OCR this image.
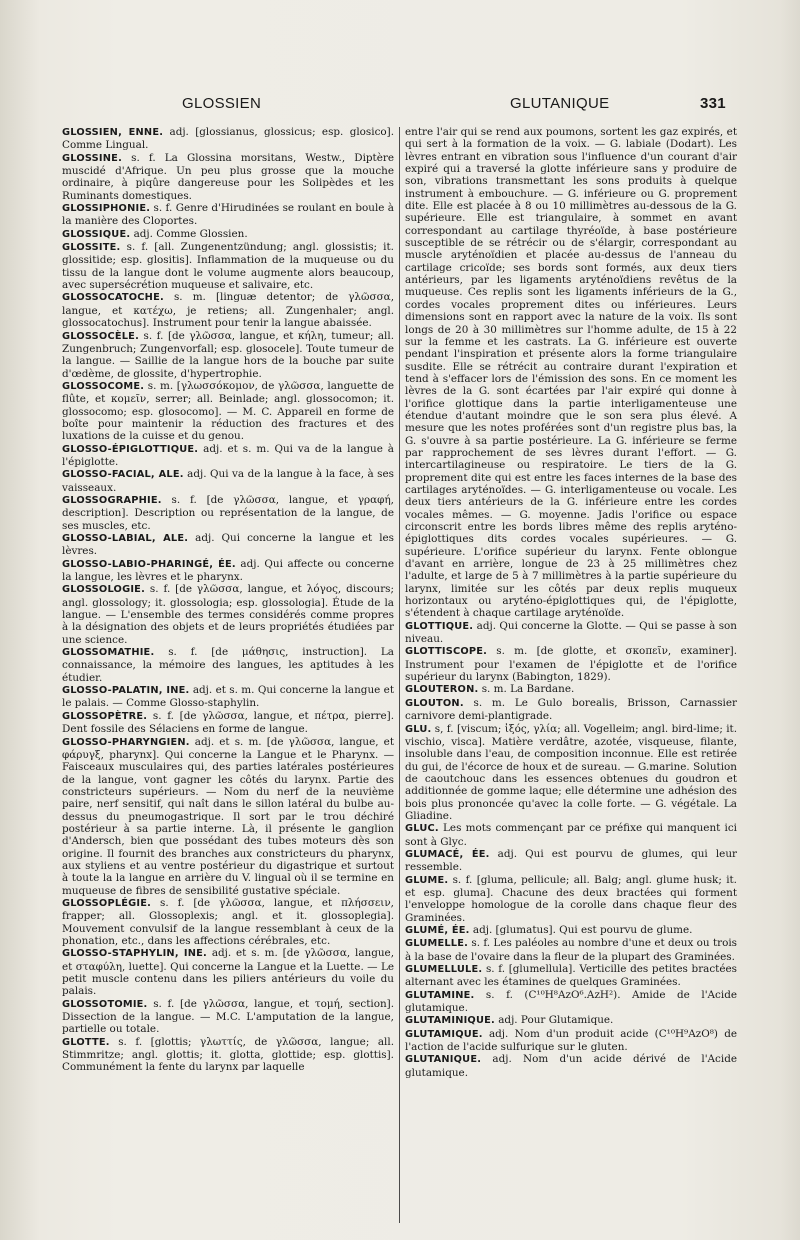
GLOSSIEN	GLUTANIQUE	331

GLOSSIEN, ENNE. adj. [glossianus, glossicus; esp. glosico]. Comme Lingual.

GLOSSINE. s. f. La Glossina morsitans, Westw., Diptère muscidé d'Afrique. Un peu plus grosse que la mouche ordinaire, à piqûre dangereuse pour les Solipèdes et les Ruminants domestiques.

GLOSSIPHONIE. s. f. Genre d'Hirudinées se roulant en boule à la manière des Cloportes.

GLOSSIQUE. adj. Comme Glossien.

GLOSSITE. s. f. [all. Zungenentzündung; angl. glossistis; it. glossitide; esp. glositis]. Inflammation de la muqueuse ou du tissu de la langue dont le volume augmente alors beaucoup, avec supersécrétion muqueuse et salivaire, etc.

GLOSSOCATOCHE. s. m. [linguæ detentor; de γλῶσσα, langue, et κατέχω, je retiens; all. Zungenhaler; angl. glossocatochus]. Instrument pour tenir la langue abaissée.

GLOSSOCÈLE. s. f. [de γλῶσσα, langue, et κήλη, tumeur; all. Zungenbruch; Zungenvorfall; esp. glosocele]. Toute tumeur de la langue. — Saillie de la langue hors de la bouche par suite d'œdème, de glossite, d'hypertrophie.

GLOSSOCOME. s. m. [γλωσσόκομον, de γλῶσσα, languette de flûte, et κομεῖν, serrer; all. Beinlade; angl. glossocomon; it. glossocomo; esp. glosocomo]. — M. C. Appareil en forme de boîte pour maintenir la réduction des fractures et des luxations de la cuisse et du genou.

GLOSSO-ÉPIGLOTTIQUE. adj. et s. m. Qui va de la langue à l'épiglotte.

GLOSSO-FACIAL, ALE. adj. Qui va de la langue à la face, à ses vaisseaux.

GLOSSOGRAPHIE. s. f. [de γλῶσσα, langue, et γραφή, description]. Description ou représentation de la langue, de ses muscles, etc.

GLOSSO-LABIAL, ALE. adj. Qui concerne la langue et les lèvres.

GLOSSO-LABIO-PHARINGÉ, ÉE. adj. Qui affecte ou concerne la langue, les lèvres et le pharynx.

GLOSSOLOGIE. s. f. [de γλῶσσα, langue, et λόγος, discours; angl. glossology; it. glossologia; esp. glossologia]. Étude de la langue. — L'ensemble des termes considérés comme propres à la désignation des objets et de leurs propriétés étudiées par une science.

GLOSSOMATHIE. s. f. [de μάθησις, instruction]. La connaissance, la mémoire des langues, les aptitudes à les étudier.

GLOSSO-PALATIN, INE. adj. et s. m. Qui concerne la langue et le palais. — Comme Glosso-staphylin.

GLOSSOPÈTRE. s. f. [de γλῶσσα, langue, et πέτρα, pierre]. Dent fossile des Sélaciens en forme de langue.

GLOSSO-PHARYNGIEN. adj. et s. m. [de γλῶσσα, langue, et φάρυγξ, pharynx]. Qui concerne la Langue et le Pharynx. — Faisceaux musculaires qui, des parties latérales postérieures de la langue, vont gagner les côtés du larynx. Partie des constricteurs supérieurs. — Nom du nerf de la neuvième paire, nerf sensitif, qui naît dans le sillon latéral du bulbe au-dessus du pneumogastrique. Il sort par le trou déchiré postérieur à sa partie interne. Là, il présente le ganglion d'Andersch, bien que possédant des tubes moteurs dès son origine. Il fournit des branches aux constricteurs du pharynx, aux styliens et au ventre postérieur du digastrique et surtout à toute la la langue en arrière du V. lingual où il se termine en muqueuse de fibres de sensibilité gustative spéciale.

GLOSSOPLÉGIE. s. f. [de γλῶσσα, langue, et πλήσσειν, frapper; all. Glossoplexis; angl. et it. glossoplegia]. Mouvement convulsif de la langue ressemblant à ceux de la phonation, etc., dans les affections cérébrales, etc.

GLOSSO-STAPHYLIN, INE. adj. et s. m. [de γλῶσσα, langue, et σταφύλη, luette]. Qui concerne la Langue et la Luette. — Le petit muscle contenu dans les piliers antérieurs du voile du palais.

GLOSSOTOMIE. s. f. [de γλῶσσα, langue, et τομή, section]. Dissection de la langue. — M.C. L'amputation de la langue, partielle ou totale.

GLOTTE. s. f. [glottis; γλωττίς, de γλῶσσα, langue; all. Stimmritze; angl. glottis; it. glotta, glottide; esp. glottis]. Communément la fente du larynx par laquelle

entre l'air qui se rend aux poumons, sortent les gaz expirés, et qui sert à la formation de la voix. — G. labiale (Dodart). Les lèvres entrant en vibration sous l'influence d'un courant d'air expiré qui a traversé la glotte inférieure sans y produire de son, vibrations transmettant les sons produits à quelque instrument à embouchure. — G. inférieure ou G. proprement dite. Elle est placée à 8 ou 10 millimètres au-dessous de la G. supérieure. Elle est triangulaire, à sommet en avant correspondant au cartilage thyréoïde, à base postérieure susceptible de se rétrécir ou de s'élargir, correspondant au muscle aryténoïdien et placée au-dessus de l'anneau du cartilage cricoïde; ses bords sont formés, aux deux tiers antérieurs, par les ligaments aryténoïdiens revêtus de la muqueuse. Ces replis sont les ligaments inférieurs de la G., cordes vocales proprement dites ou inférieures. Leurs dimensions sont en rapport avec la nature de la voix. Ils sont longs de 20 à 30 millimètres sur l'homme adulte, de 15 à 22 sur la femme et les castrats. La G. inférieure est ouverte pendant l'inspiration et présente alors la forme triangulaire susdite. Elle se rétrécit au contraire durant l'expiration et tend à s'effacer lors de l'émission des sons. En ce moment les lèvres de la G. sont écartées par l'air expiré qui donne à l'orifice glottique dans la partie interligamenteuse une étendue d'autant moindre que le son sera plus élevé. A mesure que les notes proférées sont d'un registre plus bas, la G. s'ouvre à sa partie postérieure. La G. inférieure se ferme par rapprochement de ses lèvres durant l'effort. — G. intercartilagineuse ou respiratoire. Le tiers de la G. proprement dite qui est entre les faces internes de la base des cartilages aryténoïdes. — G. interligamenteuse ou vocale. Les deux tiers antérieurs de la G. inférieure entre les cordes vocales mêmes. — G. moyenne. Jadis l'orifice ou espace circonscrit entre les bords libres même des replis aryténo-épiglottiques dits cordes vocales supérieures. — G. supérieure. L'orifice supérieur du larynx. Fente oblongue d'avant en arrière, longue de 23 à 25 millimètres chez l'adulte, et large de 5 à 7 millimètres à la partie supérieure du larynx, limitée sur les côtés par deux replis muqueux horizontaux ou aryténo-épiglottiques qui, de l'épiglotte, s'étendent à chaque cartilage aryténoïde.

GLOTTIQUE. adj. Qui concerne la Glotte. — Qui se passe à son niveau.

GLOTTISCOPE. s. m. [de glotte, et σκοπεῖν, examiner]. Instrument pour l'examen de l'épiglotte et de l'orifice supérieur du larynx (Babington, 1829).

GLOUTERON. s. m. La Bardane.

GLOUTON. s. m. Le Gulo borealis, Brisson, Carnassier carnivore demi-plantigrade.

GLU. s, f. [viscum; ἰξός, γλία; all. Vogelleim; angl. bird-lime; it. vischio, visca]. Matière verdâtre, azotée, visqueuse, filante, insoluble dans l'eau, de composition inconnue. Elle est retirée du gui, de l'écorce de houx et de sureau. — G.marine. Solution de caoutchouc dans les essences obtenues du goudron et additionnée de gomme laque; elle détermine une adhésion des bois plus prononcée qu'avec la colle forte. — G. végétale. La Gliadine.

GLUC. Les mots commençant par ce préfixe qui manquent ici sont à Glyc.

GLUMACÉ, ÉE. adj. Qui est pourvu de glumes, qui leur ressemble.

GLUME. s. f. [gluma, pellicule; all. Balg; angl. glume husk; it. et esp. gluma]. Chacune des deux bractées qui forment l'enveloppe homologue de la corolle dans chaque fleur des Graminées.

GLUMÉ, ÉE. adj. [glumatus]. Qui est pourvu de glume.

GLUMELLE. s. f. Les paléoles au nombre d'une et deux ou trois à la base de l'ovaire dans la fleur de la plupart des Graminées.

GLUMELLULE. s. f. [glumellula]. Verticille des petites bractées alternant avec les étamines de quelques Graminées.

GLUTAMINE. s. f. (C¹⁰H⁸AzO⁶.AzH²). Amide de l'Acide glutamique.

GLUTAMINIQUE. adj. Pour Glutamique.

GLUTAMIQUE. adj. Nom d'un produit acide (C¹⁰H⁹AzO⁸) de l'action de l'acide sulfurique sur le gluten.

GLUTANIQUE. adj. Nom d'un acide dérivé de l'Acide glutamique.
